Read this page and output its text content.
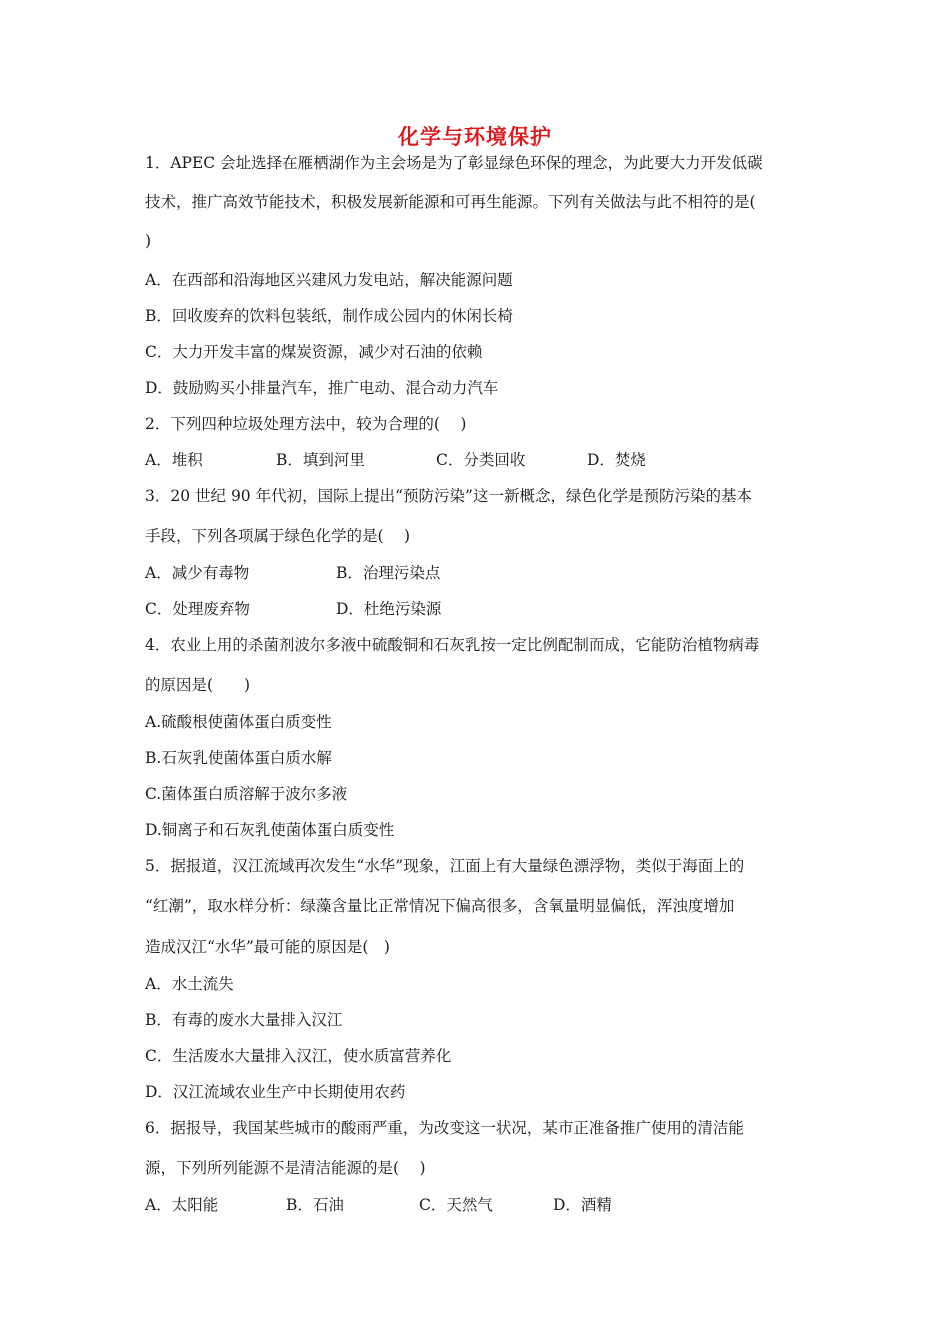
化学与环境保护
1．APEC 会址选择在雁栖湖作为主会场是为了彰显绿色环保的理念，为此要大力开发低碳
技术，推广高效节能技术，积极发展新能源和可再生能源。下列有关做法与此不相符的是(
)
A．在西部和沿海地区兴建风力发电站，解决能源问题
B．回收废弃的饮料包装纸，制作成公园内的休闲长椅
C．大力开发丰富的煤炭资源，减少对石油的依赖
D．鼓励购买小排量汽车，推广电动、混合动力汽车
2．下列四种垃圾处理方法中，较为合理的(　 )
A．堆积	B．填到河里	C．分类回收	D．焚烧
3．20 世纪 90 年代初，国际上提出“预防污染”这一新概念，绿色化学是预防污染的基本
手段，下列各项属于绿色化学的是(　 )
A．减少有毒物	B．治理污染点
C．处理废弃物	D．杜绝污染源
4．农业上用的杀菌剂波尔多液中硫酸铜和石灰乳按一定比例配制而成，它能防治植物病毒
的原因是(　　)
A.硫酸根使菌体蛋白质变性
B.石灰乳使菌体蛋白质水解
C.菌体蛋白质溶解于波尔多液
D.铜离子和石灰乳使菌体蛋白质变性
5．据报道，汉江流域再次发生“水华”现象，江面上有大量绿色漂浮物，类似于海面上的
“红潮”，取水样分析：绿藻含量比正常情况下偏高很多，含氧量明显偏低，浑浊度增加
造成汉江“水华”最可能的原因是(　)
A．水土流失
B．有毒的废水大量排入汉江
C．生活废水大量排入汉江，使水质富营养化
D．汉江流域农业生产中长期使用农药
6．据报导，我国某些城市的酸雨严重，为改变这一状况，某市正准备推广使用的清洁能
源，下列所列能源不是清洁能源的是(　 )
A．太阳能	B．石油	C．天然气	D．酒精
